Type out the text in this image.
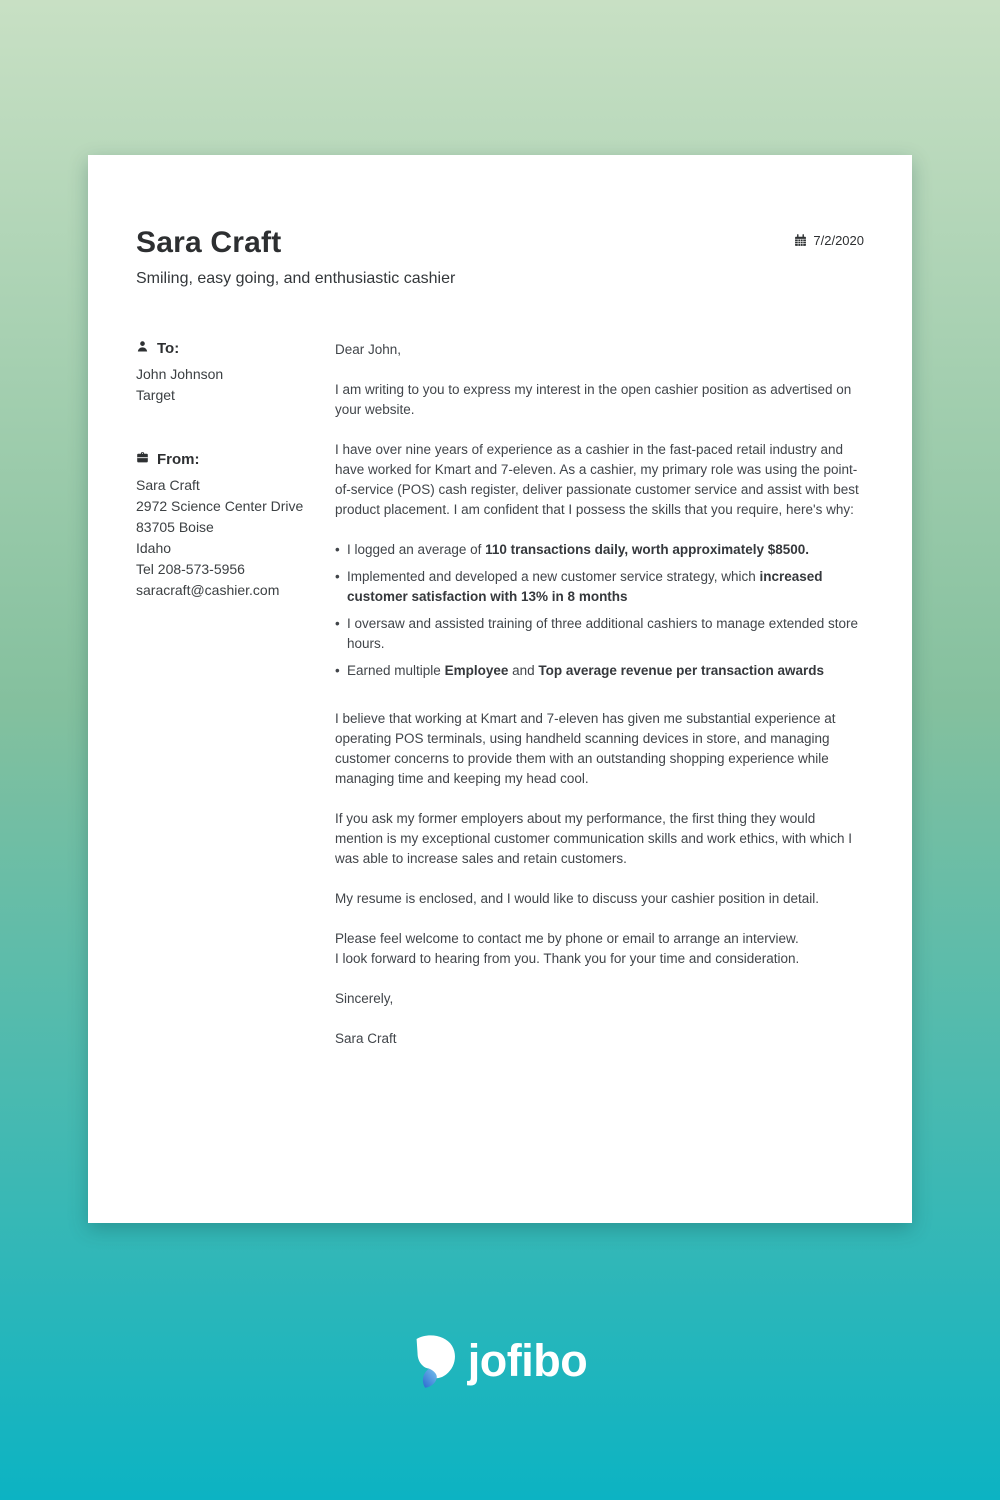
Sara Craft
Smiling, easy going, and enthusiastic cashier
7/2/2020
To:
John Johnson
Target
From:
Sara Craft
2972 Science Center Drive
83705 Boise
Idaho
Tel 208-573-5956
saracraft@cashier.com
Dear John,
I am writing to you to express my interest in the open cashier position as advertised on your website.
I have over nine years of experience as a cashier in the fast-paced retail industry and have worked for Kmart and 7-eleven. As a cashier, my primary role was using the point-of-service (POS) cash register, deliver passionate customer service and assist with best product placement. I am confident that I possess the skills that you require, here's why:
• I logged an average of 110 transactions daily, worth approximately $8500.
• Implemented and developed a new customer service strategy, which increased customer satisfaction with 13% in 8 months
• I oversaw and assisted training of three additional cashiers to manage extended store hours.
• Earned multiple Employee and Top average revenue per transaction awards
I believe that working at Kmart and 7-eleven has given me substantial experience at operating POS terminals, using handheld scanning devices in store, and managing customer concerns to provide them with an outstanding shopping experience while managing time and keeping my head cool.
If you ask my former employers about my performance, the first thing they would mention is my exceptional customer communication skills and work ethics, with which I was able to increase sales and retain customers.
My resume is enclosed, and I would like to discuss your cashier position in detail.
Please feel welcome to contact me by phone or email to arrange an interview.
I look forward to hearing from you. Thank you for your time and consideration.
Sincerely,
Sara Craft
jofibo
